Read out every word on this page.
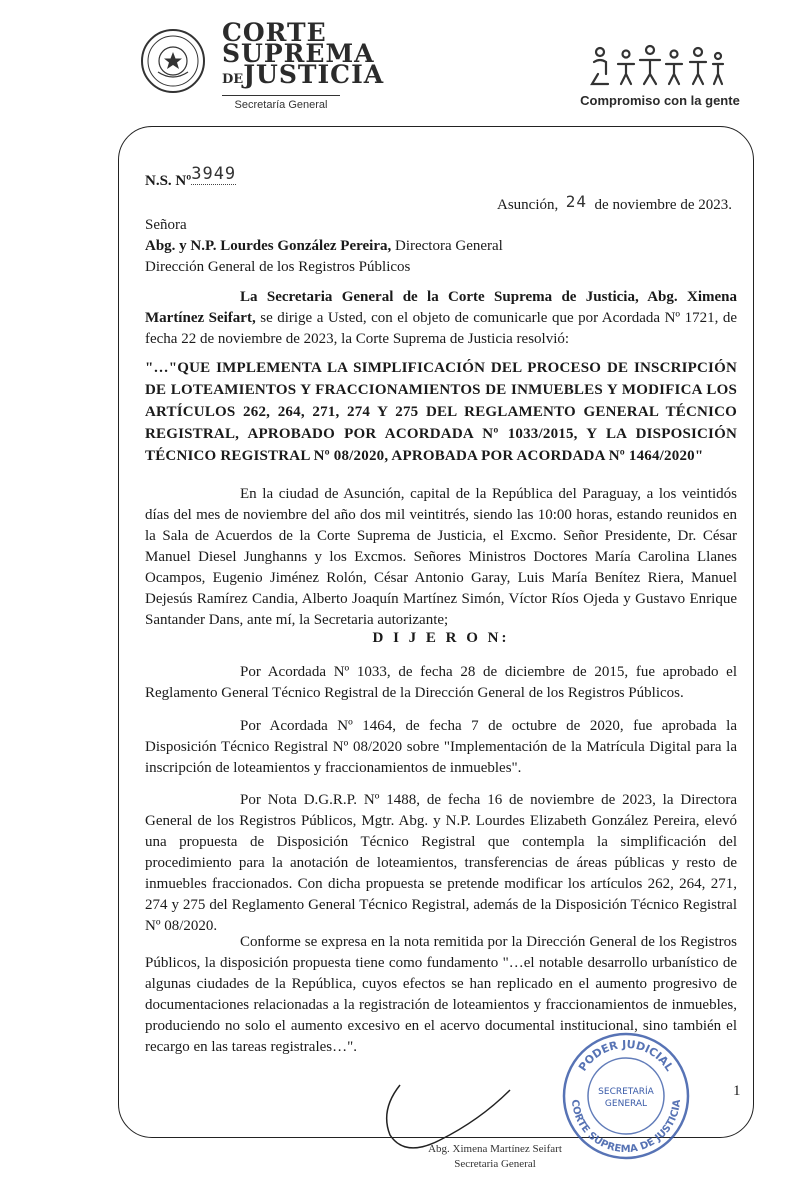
CORTE
SUPREMA
DEJUSTICIA
Secretaría General	Compromiso con la gente
N.S. Nº3949
Asunción, 24 de noviembre de 2023.
Señora
Abg. y N.P. Lourdes González Pereira, Directora General
Dirección General de los Registros Públicos
La Secretaria General de la Corte Suprema de Justicia, Abg. Ximena Martínez Seifart, se dirige a Usted, con el objeto de comunicarle que por Acordada Nº 1721, de fecha 22 de noviembre de 2023, la Corte Suprema de Justicia resolvió:
"…"QUE IMPLEMENTA LA SIMPLIFICACIÓN DEL PROCESO DE INSCRIPCIÓN DE LOTEAMIENTOS Y FRACCIONAMIENTOS DE INMUEBLES Y MODIFICA LOS ARTÍCULOS 262, 264, 271, 274 Y 275 DEL REGLAMENTO GENERAL TÉCNICO REGISTRAL, APROBADO POR ACORDADA Nº 1033/2015, Y LA DISPOSICIÓN TÉCNICO REGISTRAL Nº 08/2020, APROBADA POR ACORDADA Nº 1464/2020"
En la ciudad de Asunción, capital de la República del Paraguay, a los veintidós días del mes de noviembre del año dos mil veintitrés, siendo las 10:00 horas, estando reunidos en la Sala de Acuerdos de la Corte Suprema de Justicia, el Excmo. Señor Presidente, Dr. César Manuel Diesel Junghanns y los Excmos. Señores Ministros Doctores María Carolina Llanes Ocampos, Eugenio Jiménez Rolón, César Antonio Garay, Luis María Benítez Riera, Manuel Dejesús Ramírez Candia, Alberto Joaquín Martínez Simón, Víctor Ríos Ojeda y Gustavo Enrique Santander Dans, ante mí, la Secretaria autorizante;
D I J E R O N:
Por Acordada Nº 1033, de fecha 28 de diciembre de 2015, fue aprobado el Reglamento General Técnico Registral de la Dirección General de los Registros Públicos.
Por Acordada Nº 1464, de fecha 7 de octubre de 2020, fue aprobada la Disposición Técnico Registral Nº 08/2020 sobre "Implementación de la Matrícula Digital para la inscripción de loteamientos y fraccionamientos de inmuebles".
Por Nota D.G.R.P. Nº 1488, de fecha 16 de noviembre de 2023, la Directora General de los Registros Públicos, Mgtr. Abg. y N.P. Lourdes Elizabeth González Pereira, elevó una propuesta de Disposición Técnico Registral que contempla la simplificación del procedimiento para la anotación de loteamientos, transferencias de áreas públicas y resto de inmuebles fraccionados. Con dicha propuesta se pretende modificar los artículos 262, 264, 271, 274 y 275 del Reglamento General Técnico Registral, además de la Disposición Técnico Registral Nº 08/2020.
Conforme se expresa en la nota remitida por la Dirección General de los Registros Públicos, la disposición propuesta tiene como fundamento "…el notable desarrollo urbanístico de algunas ciudades de la República, cuyos efectos se han replicado en el aumento progresivo de documentaciones relacionadas a la registración de loteamientos y fraccionamientos de inmuebles, produciendo no solo el aumento excesivo en el acervo documental institucional, sino también el recargo en las tareas registrales…".
1
Abg. Ximena Martínez Seifart
Secretaria General
PODER JUDICIAL
CORTE SUPREMA DE JUSTICIA
SECRETARÍA
GENERAL
